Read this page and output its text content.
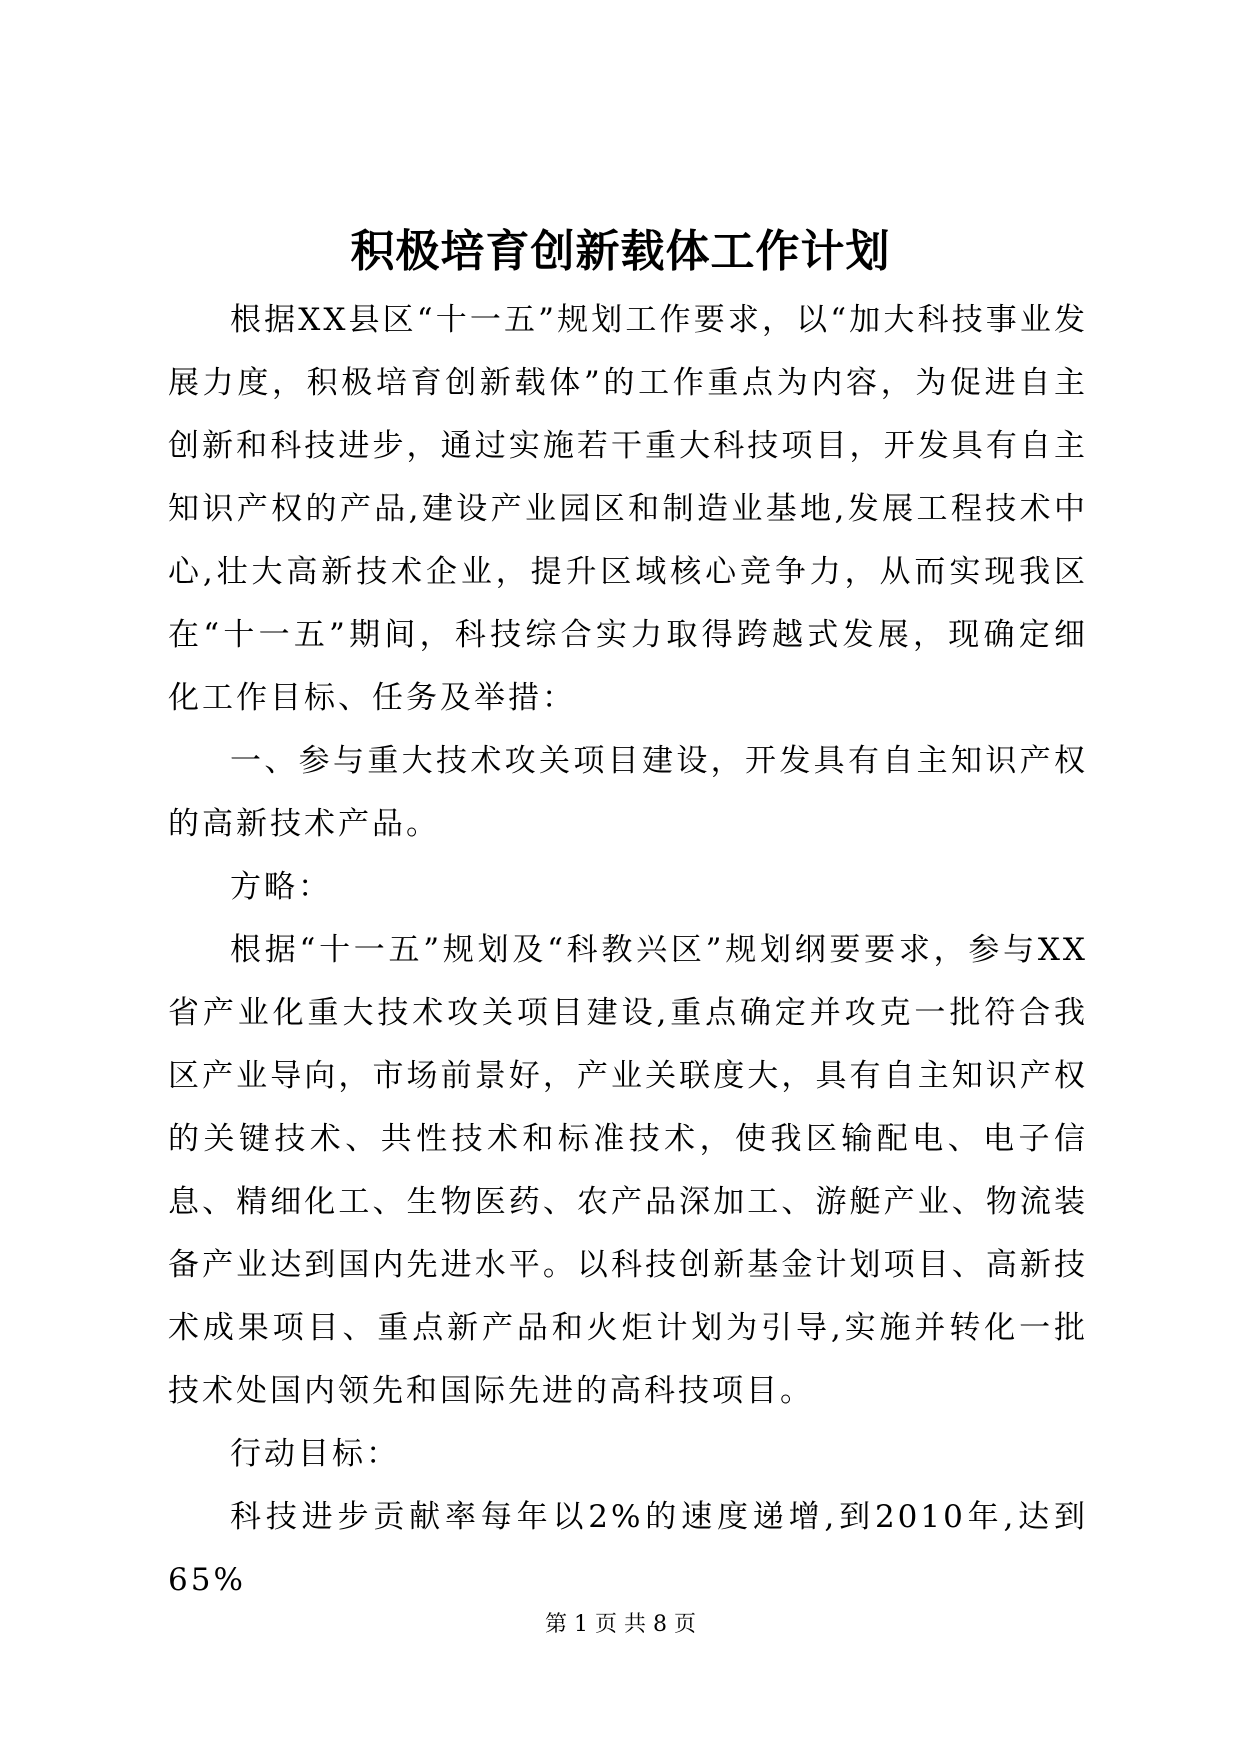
积极培育创新载体工作计划

根据XX县区“十一五”规划工作要求，以“加大科技事业发展力度，积极培育创新载体”的工作重点为内容，为促进自主创新和科技进步，通过实施若干重大科技项目，开发具有自主知识产权的产品,建设产业园区和制造业基地,发展工程技术中心,壮大高新技术企业，提升区域核心竞争力，从而实现我区在“十一五”期间，科技综合实力取得跨越式发展，现确定细化工作目标、任务及举措：

一、参与重大技术攻关项目建设，开发具有自主知识产权的高新技术产品。

方略：

根据“十一五”规划及“科教兴区”规划纲要要求，参与XX省产业化重大技术攻关项目建设,重点确定并攻克一批符合我区产业导向，市场前景好，产业关联度大，具有自主知识产权的关键技术、共性技术和标准技术，使我区输配电、电子信息、精细化工、生物医药、农产品深加工、游艇产业、物流装备产业达到国内先进水平。以科技创新基金计划项目、高新技术成果项目、重点新产品和火炬计划为引导,实施并转化一批技术处国内领先和国际先进的高科技项目。

行动目标：

科技进步贡献率每年以2%的速度递增,到2010年,达到65%

第 1 页 共 8 页
